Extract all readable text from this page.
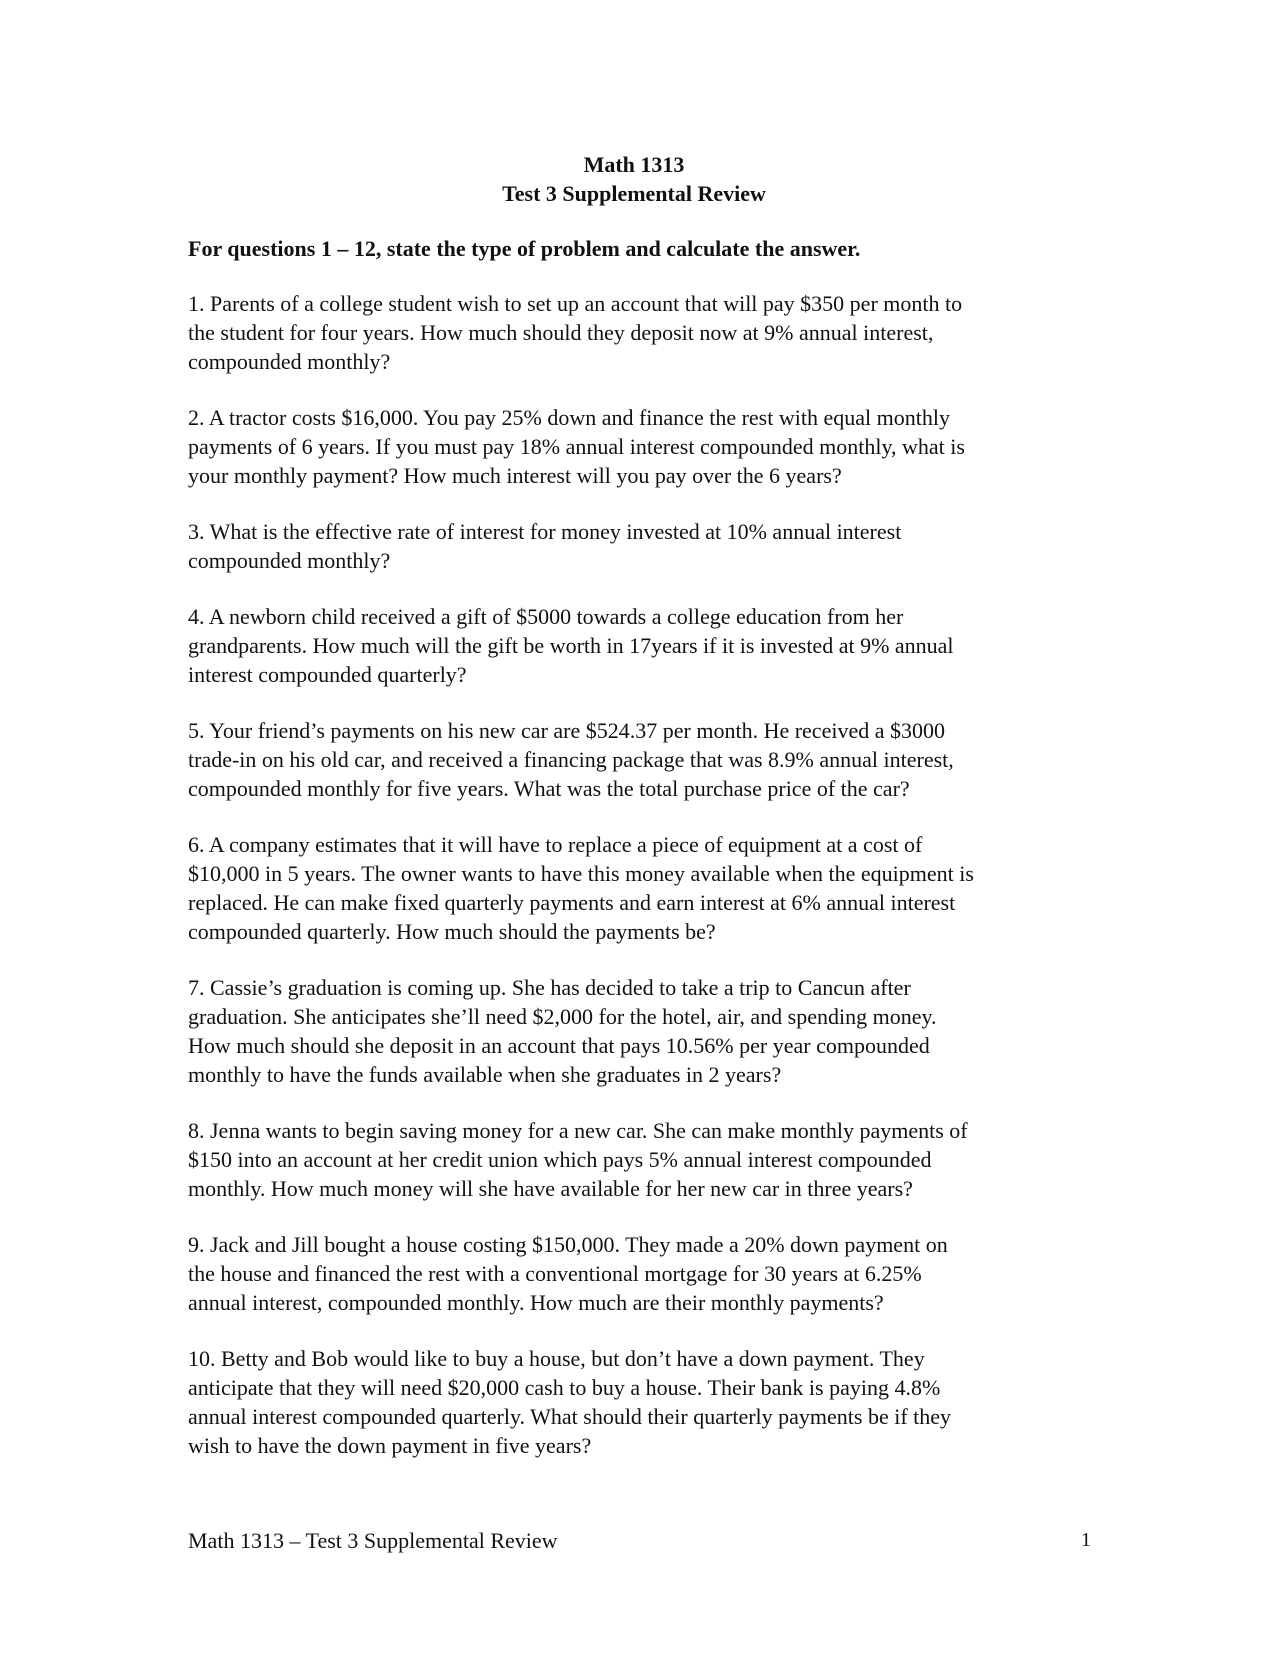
Math 1313
Test 3 Supplemental Review
For questions 1 – 12, state the type of problem and calculate the answer.
1. Parents of a college student wish to set up an account that will pay $350 per month to
the student for four years. How much should they deposit now at 9% annual interest,
compounded monthly?
2. A tractor costs $16,000. You pay 25% down and finance the rest with equal monthly
payments of 6 years. If you must pay 18% annual interest compounded monthly, what is
your monthly payment? How much interest will you pay over the 6 years?
3. What is the effective rate of interest for money invested at 10% annual interest
compounded monthly?
4. A newborn child received a gift of $5000 towards a college education from her
grandparents. How much will the gift be worth in 17years if it is invested at 9% annual
interest compounded quarterly?
5. Your friend’s payments on his new car are $524.37 per month. He received a $3000
trade-in on his old car, and received a financing package that was 8.9% annual interest,
compounded monthly for five years. What was the total purchase price of the car?
6. A company estimates that it will have to replace a piece of equipment at a cost of
$10,000 in 5 years. The owner wants to have this money available when the equipment is
replaced. He can make fixed quarterly payments and earn interest at 6% annual interest
compounded quarterly. How much should the payments be?
7. Cassie’s graduation is coming up. She has decided to take a trip to Cancun after
graduation. She anticipates she’ll need $2,000 for the hotel, air, and spending money.
How much should she deposit in an account that pays 10.56% per year compounded
monthly to have the funds available when she graduates in 2 years?
8. Jenna wants to begin saving money for a new car. She can make monthly payments of
$150 into an account at her credit union which pays 5% annual interest compounded
monthly. How much money will she have available for her new car in three years?
9. Jack and Jill bought a house costing $150,000. They made a 20% down payment on
the house and financed the rest with a conventional mortgage for 30 years at 6.25%
annual interest, compounded monthly. How much are their monthly payments?
10. Betty and Bob would like to buy a house, but don’t have a down payment. They
anticipate that they will need $20,000 cash to buy a house. Their bank is paying 4.8%
annual interest compounded quarterly. What should their quarterly payments be if they
wish to have the down payment in five years?
Math 1313 – Test 3 Supplemental Review	1
